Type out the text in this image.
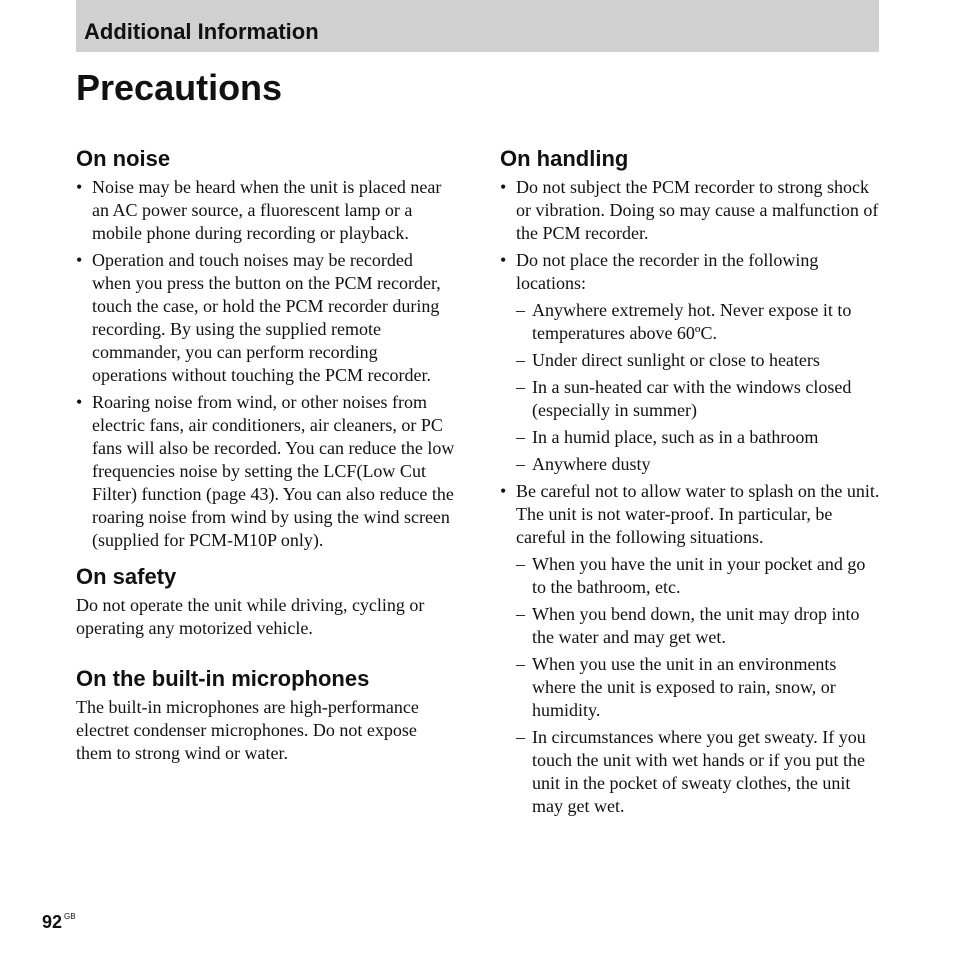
Additional Information
Precautions
On noise
• Noise may be heard when the unit is placed near an AC power source, a fluorescent lamp or a mobile phone during recording or playback.
• Operation and touch noises may be recorded when you press the button on the PCM recorder, touch the case, or hold the PCM recorder during recording. By using the supplied remote commander, you can perform recording operations without touching the PCM recorder.
• Roaring noise from wind, or other noises from electric fans, air conditioners, air cleaners, or PC fans will also be recorded. You can reduce the low frequencies noise by setting the LCF(Low Cut Filter) function (page 43). You can also reduce the roaring noise from wind by using the wind screen (supplied for PCM-M10P only).
On safety

Do not operate the unit while driving, cycling or operating any motorized vehicle.

On the built-in microphones

The built-in microphones are high-performance electret condenser microphones. Do not expose them to strong wind or water.

On handling
• Do not subject the PCM recorder to strong shock or vibration. Doing so may cause a malfunction of the PCM recorder.
• Do not place the recorder in the following locations:
– Anywhere extremely hot. Never expose it to temperatures above 60ºC.
– Under direct sunlight or close to heaters
– In a sun-heated car with the windows closed (especially in summer)
– In a humid place, such as in a bathroom
– Anywhere dusty
• Be careful not to allow water to splash on the unit. The unit is not water-proof. In particular, be careful in the following situations.
– When you have the unit in your pocket and go to the bathroom, etc.
– When you bend down, the unit may drop into the water and may get wet.
– When you use the unit in an environments where the unit is exposed to rain, snow, or humidity.
– In circumstances where you get sweaty. If you touch the unit with wet hands or if you put the unit in the pocket of sweaty clothes, the unit may get wet.
92 $^{GB}$
